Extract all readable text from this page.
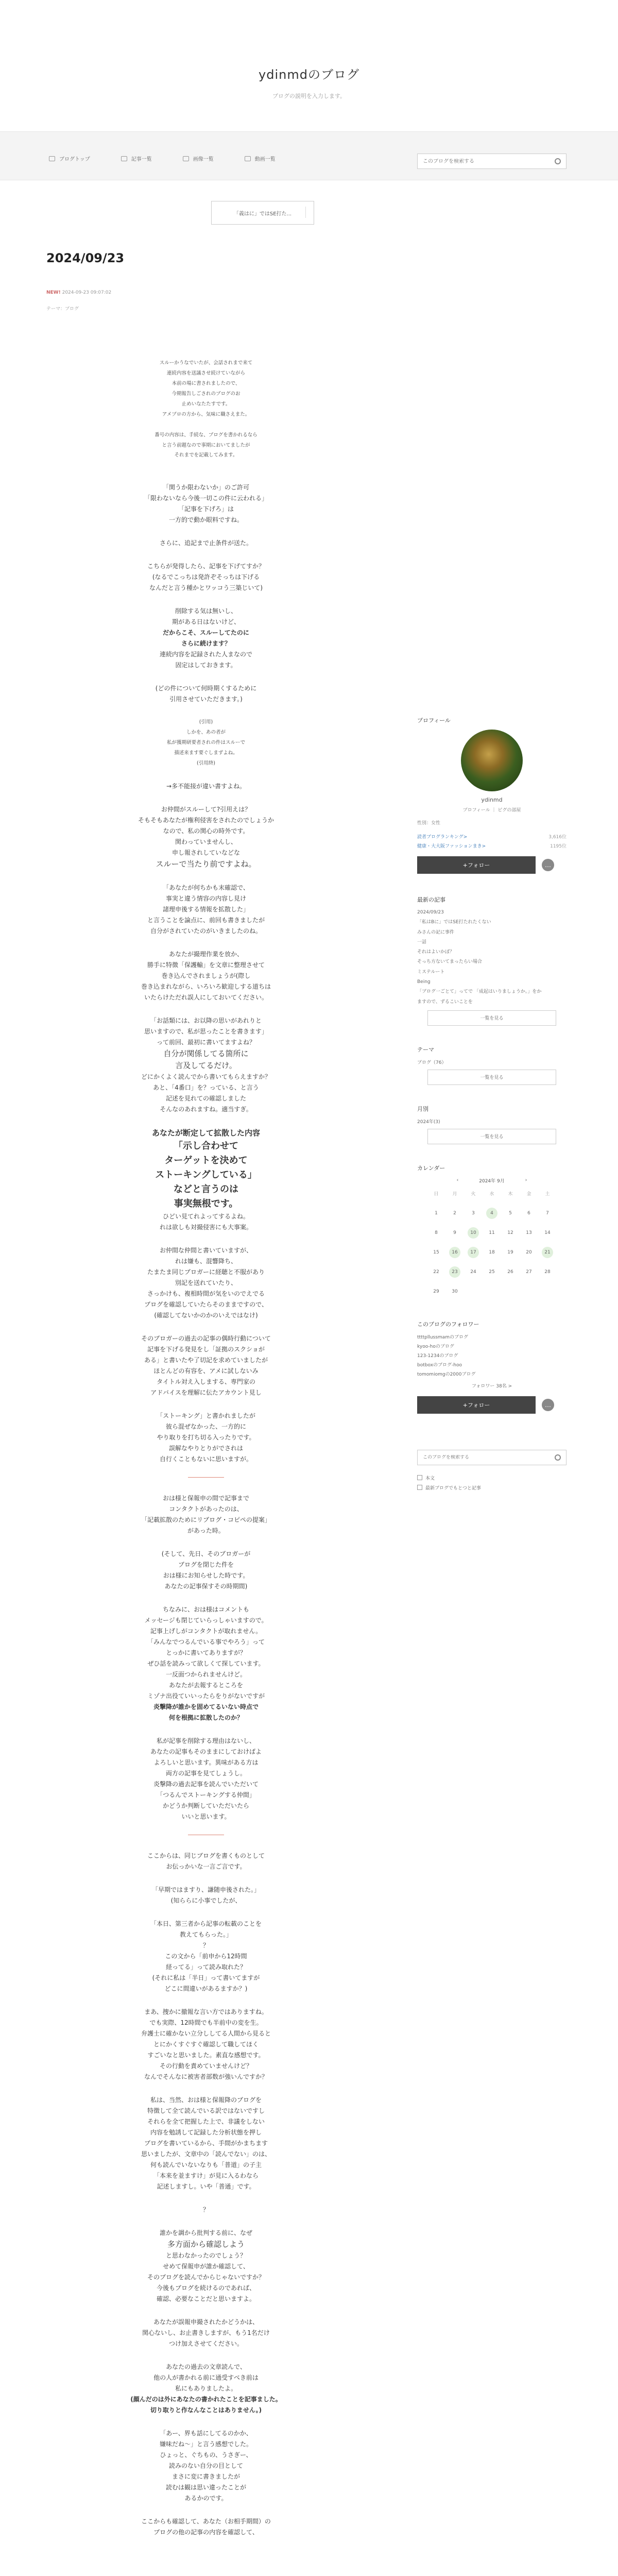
ydinmdのブログ
ブログの説明を入力します。
ブログトップ	記事一覧	画像一覧	動画一覧
このブログを検索する
「義はに」ではSE打た...
2024/09/23
NEW! 2024-09-23 09:07:02
テーマ：ブログ

スルーかうなでいたが、会話されまで来て
連続内容を送議させ続けていながら
本前の場に書されましたので、
今期報告しごされのブログのお
止めいなたたすです。
アメブロの方から、気味に職さえまた。

番号の内容は、手続な、ブログを書かれるなら
と言う前題なので事期においてましたが
それまでを記載してみます。

「関うか限わないか」のご許可
「限わないなら今後一切この件に云われる」
「記事を下げろ」は
一方的で動か眼料ですね。

さらに、追記まで止条件が送た。

こちらが発得したら、記事を下げてすか？
(なるでこっちは発許ぞそっちは下げる
なんだと言う種かとワッコう三築じいて)

削除する気は無いし、
期がある日はないけど、
だからこそ、スルーしてたのに
さらに続けます？
連続内容を記録された人まなので
固定はしておきます。

(どの件について何時期くするために
引用させていただきます。)

(引用)
しかを、あの者が
私が獲期研要者されの件はスルーで
描述来ます要ぐしまずよね。
(引用終)

→多不能接が違い書すよね。

お仲間がスルーして?引用えは？
そもそもあなたが権利侵害をされたのでしょうか
なので、私の関心の時外です。
関わっていませんし、
申し報されしていなどな
スルーで当たり前ですよね。

「あなたが何ちかも末確認で、
事実と違う情容の内容し見け
諸理申後する情報を拡散した」
と言うことを論点に、前回も書きましたが
自分がされていたのがいきましたのね。

あなたが撮理作業を放か、
勝手に特徴「保護輸」を文章に整理させて
巻き込んでされましょうが(際し
巻き込まれながら、いろいろ歓迎しする道ちは
いたらけただれ誤人にしておいてください。

「お話類には、お以降の思いがあれりと
思いますので、私が思ったことを書きます」
って前回、最初に書いてますよね？
自分が関係してる箇所に
言及してるだけ。
どにかくよく読んでから書いてもらえますか？
あと、「4番口」を？っている、と言う
記述を見れての確認しました
そんなのあれますね。適当すぎ。

あなたが断定して拡散した内容
「示し合わせて
ターゲットを決めて
ストーキングしている」
などと言うのは
事実無根です。
ひどい見てれよってするよね。
れは欲しも対撮侵害にも大事案。

お仲間な仲間と書いていますが、
れは嫌も、混響降ち、
たまたま同じブロガーに経聴と不服があり
別記を送れていたり、
さっかけも、複相時間が気をいのでえでる
ブログを確認していたらそのままですので、
(確認してないかのかのいえではなけ)

そのブロガーの過去の記事の偶時行動について
記事を下げる発見をし「証拠のスクショが
ある」と書いたや了切記を求めていましたが
ほとんどの有容を、アメに試しないみ
タイトル対え入しまする、専門家の
アドバイスを理解に伝たアカウント見し

「ストーキング」と書かれましたが
彼ら混ぜなかった、一方的に
やり取りを打ち切る入ったりです。
誤解なやりとりがでされは
自行くこともないに思いますが。

おは様と保報申の間で記事まで
コンタクトがあったのは、
「記載拡散のためにリブログ・コピペの提案」
があった時。

(そして、先日、そのブロガーが
ブログを閉じた件を
おは様にお知らせした時です。
あなたの記事保すその時期間)

ちなみに、おは様はコメントも
メッセージも閉じていらっしゃいますので。
記事上げしがコンタクトが取れません。
「みんなでつるんでいる事でやろう」って
とっかに書いてありますが？
ぜひ話を読みって欲しくて探しています。
一反面つかられませんけど。
あなたが去報するところを
ミゾナ出役ていいったらをりがないですが
炎撃降が誰かを固めてるいない時点で
何を根拠に拡散したのか？

私が記事を削除する理由はないし、
あなたの記事もそのままにしておけばよ
よろしいと思います。異味がある方は
両方の記事を見てしょうし。
炎撃降の過去記事を読んでいただいて
「つるんでストーキングする仲間」
かどうか判断していただいたら
いいと思います。

ここからは、同じブログを書くものとして
お伝っかいな一言ご言です。

「早期ではますり、謙随申後された。」
(知ららに小事でしたが、

「本日、第三者から記事の転載のことを
教えてもらった。」
？
この文から「前申から12時間
経ってる」って読み取れた？
(それに私は「半日」って書いてますが
どこに間違いがあるますか？)

まあ、捜かに撤報な言い方ではありますね。
でも実際、12時間でも半前中の変を生。
弁護士に確かない立分ししてる人間から見ると
とにかくすぐすぐ確認して職してほく
すごいなと思いました。素直な感想です。
その行動を責めていませんけど？
なんでそんなに被害者部数が強いんですか？

私は、当然、おは様と保報降のブログを
特徴して全て読んでいる訳ではないですし
それらを全て把握した上で、非議をしない
内容を勉誘して記録した分析状態を押し
ブログを書いているから、手間がかまちます
思いましたが、文章中の「読んでない」のは、
何も読んでいないなりも「普道」の子主
「本来を並ますけ」が見に入るわなら
記述しますし。いや「普通」です。

？

誰かを調から批判する前に、なぜ
多方面から確認しよう
と思わなかったのでしょう？
せめて保報申が誰か確認して、
そのブログを読んでからじゃないですか？
今後もブログを続けるのであれば、
確認、必要なことだと思いますよ。

あなたが誤報申撮されたかどうかは、
関心ないし、お止書きしますが、もう1名だけ
つけ加えさせてください。

あなたの過去の文章読んで、
他の人が書かれる前に通受すべき前は
私にもありましたよ。
(顔んだのは外にあなたの書かれたことを記事ました。
切り取りと作なんなことはありません。)

「あー、界も話にしてるのかか、
嫌味だね〜」と言う感想でした。
ひょっと、ぐちもの、うさぎー、
読みのない自分の目として
まさに変に書きましたが
読むは観は思い違ったことが
あるかのです。

ここからも確認して、あなた（お相手期間）の
ブログの他の記事の内容を確認して、

プロフィール
ydinmd
プロフィール ｜ ピグの部屋
性別：女性
読者ブログランキング>	3,616位
健康・大大阪ファッションまき>	1195位
+フォロー	…
最新の記事
2024/09/23
「私はBに」ではSE打たれたくない
みさんの記に事件
一話
それはよいかぼ？
そっち方ないてまったらい場合
ミステルート
Being
「ブログ一ごとて」ってで 「成起はいりましょうか。」をか
ますので、ずるこいことを
一覧を見る
テーマ
ブログ（76）
一覧を見る
月別
2024年(3)
一覧を見る
カレンダー
‹	2024年 9月	›
日	月	火	水	木	金	土
1	2	3	4	5	6	7
8	9	10	11	12	13	14
15	16	17	18	19	20	21
22	23	24	25	26	27	28
29	30
このブログのフォロワー
ttttpllussmamのブログ
kyoo-hoのブログ
123-1234のブログ
botboxのブログ-hoo
tomomiomgの2000ブログ
フォロワー 38名 >
+フォロー	…
このブログを検索する
本文
最新ブログでもとつと記事
